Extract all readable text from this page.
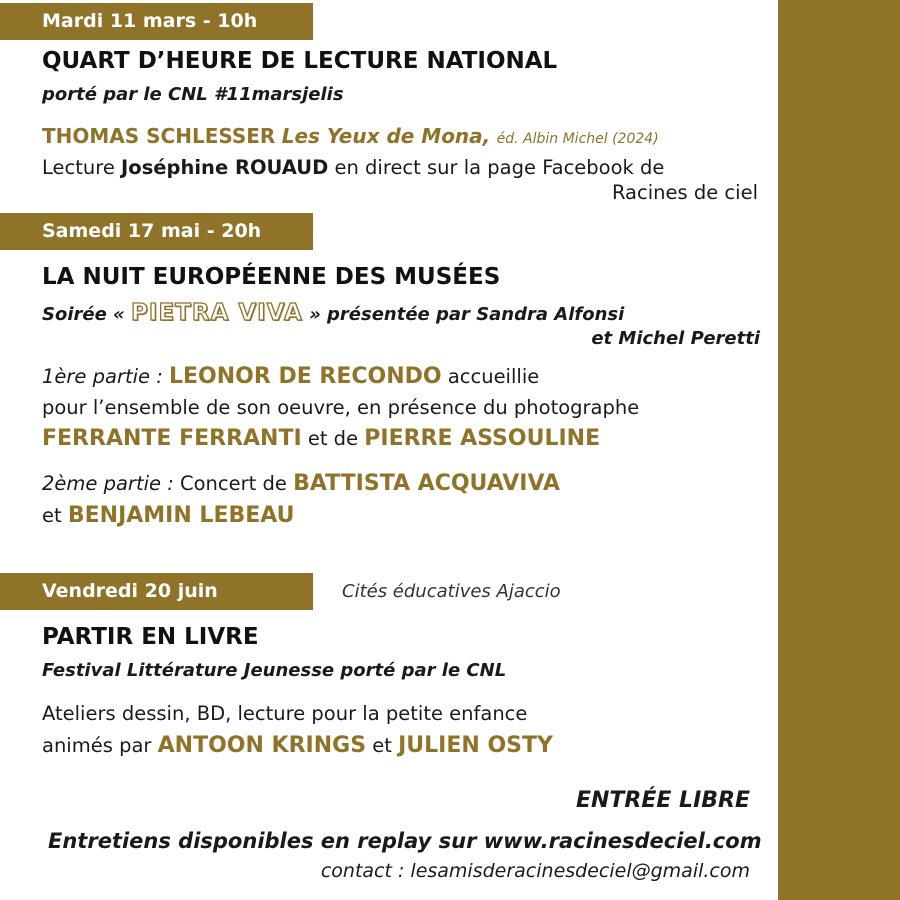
Mardi 11 mars - 10h
QUART D’HEURE DE LECTURE NATIONAL
porté par le CNL #11marsjelis
THOMAS SCHLESSER Les Yeux de Mona, éd. Albin Michel (2024)
Lecture Joséphine ROUAUD en direct sur la page Facebook de
Racines de ciel
Samedi 17 mai - 20h
LA NUIT EUROPÉENNE DES MUSÉES
Soirée « PIETRA VIVA » présentée par Sandra Alfonsi
et Michel Peretti
1ère partie : LEONOR DE RECONDO accueillie
pour l’ensemble de son oeuvre, en présence du photographe
FERRANTE FERRANTI et de PIERRE ASSOULINE
2ème partie : Concert de BATTISTA ACQUAVIVA
et BENJAMIN LEBEAU
Vendredi 20 juin	Cités éducatives Ajaccio
PARTIR EN LIVRE
Festival Littérature Jeunesse porté par le CNL
Ateliers dessin, BD, lecture pour la petite enfance
animés par ANTOON KRINGS et JULIEN OSTY
ENTRÉE LIBRE
Entretiens disponibles en replay sur www.racinesdeciel.com
contact : lesamisderacinesdeciel@gmail.com
